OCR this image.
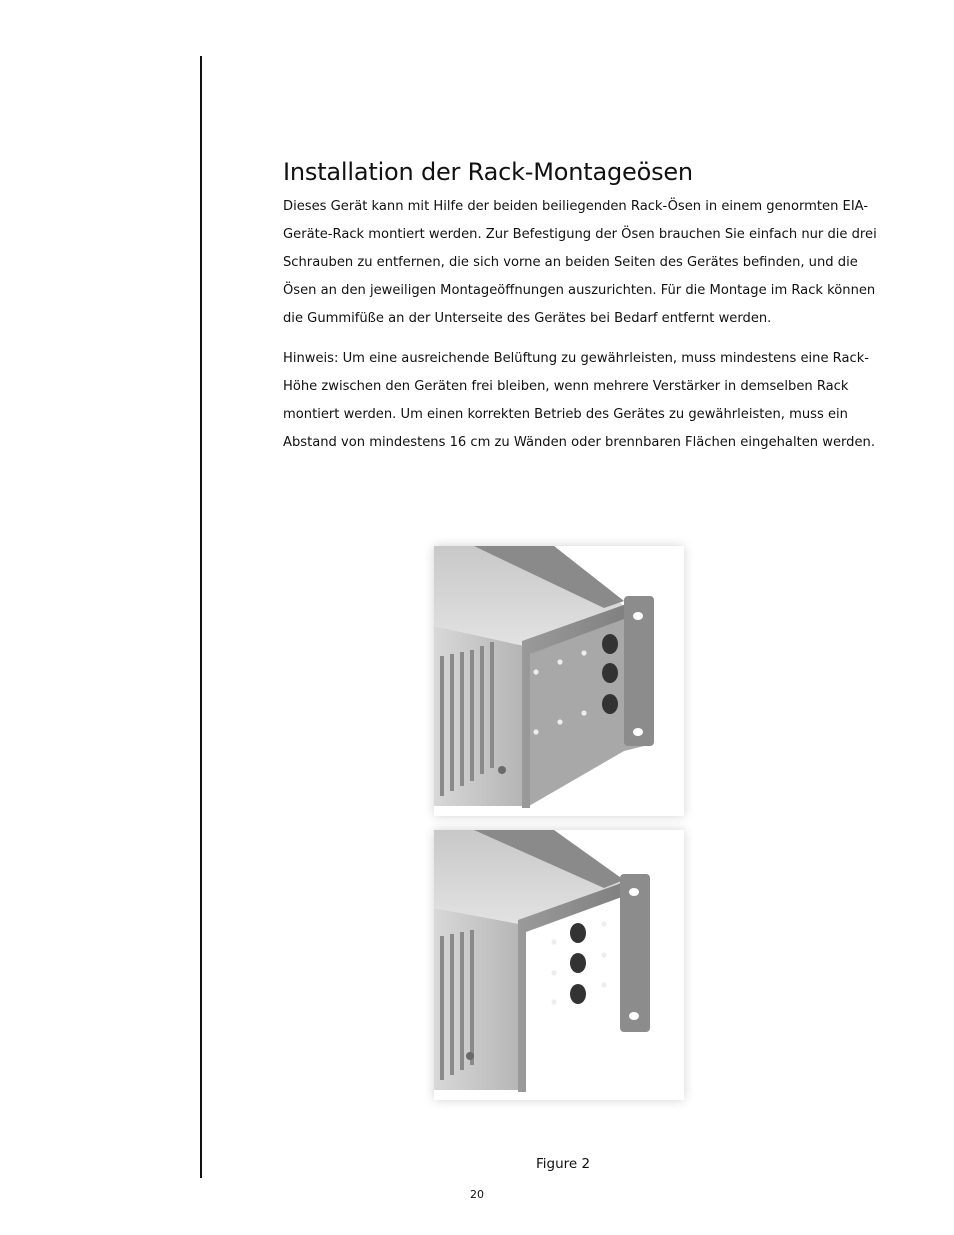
Installation der Rack-Montageösen

Dieses Gerät kann mit Hilfe der beiden beiliegenden Rack-Ösen in einem genormten EIA-Geräte-Rack montiert werden. Zur Befestigung der Ösen brauchen Sie einfach nur die drei Schrauben zu entfernen, die sich vorne an beiden Seiten des Gerätes befinden, und die Ösen an den jeweiligen Montageöffnungen auszurichten. Für die Montage im Rack können die Gummifüße an der Unterseite des Gerätes bei Bedarf entfernt werden.

Hinweis: Um eine ausreichende Belüftung zu gewährleisten, muss mindestens eine Rack-Höhe zwischen den Geräten frei bleiben, wenn mehrere Verstärker in demselben Rack montiert werden. Um einen korrekten Betrieb des Gerätes zu gewährleisten, muss ein Abstand von mindestens 16 cm zu Wänden oder brennbaren Flächen eingehalten werden.

Figure 2
20
